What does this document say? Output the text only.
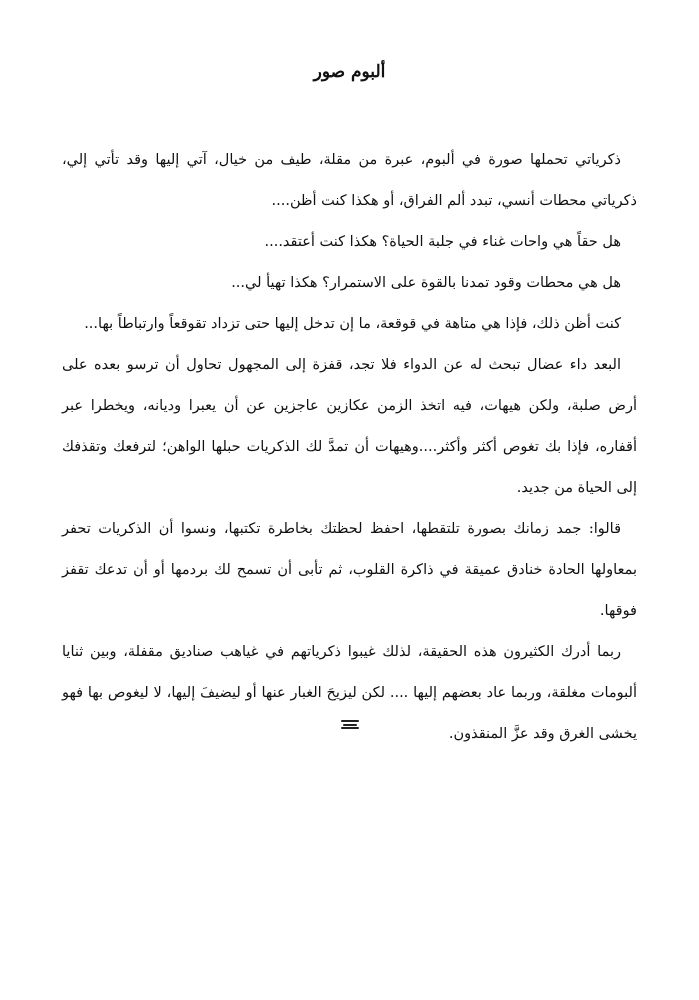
ألبوم صور

ذكرياتي تحملها صورة في ألبوم، عبرة من مقلة، طيف من خيال، آتي إليها وقد تأتي إلي، ذكرياتي محطات أنسي، تبدد ألم الفراق، أو هكذا كنت أظن....

هل حقاً هي واحات غناء في جلبة الحياة؟ هكذا كنت أعتقد....

هل هي محطات وقود تمدنا بالقوة على الاستمرار؟ هكذا تهيأ لي...

كنت أظن ذلك، فإذا هي متاهة في قوقعة، ما إن تدخل إليها حتى تزداد تقوقعاً وارتباطاً بها...

البعد داء عضال تبحث له عن الدواء فلا تجد، قفزة إلى المجهول تحاول أن ترسو بعده على أرض صلبة، ولكن هيهات، فيه اتخذ الزمن عكازين عاجزين عن أن يعبرا وديانه، ويخطرا عبر أقفاره، فإذا بك تغوص أكثر وأكثر....وهيهات أن تمدَّ لك الذكريات حبلها الواهن؛ لترفعك وتقذفك إلى الحياة من جديد.

قالوا: جمد زمانك بصورة تلتقطها، احفظ لحظتك بخاطرة تكتبها، ونسوا أن الذكريات تحفر بمعاولها الحادة خنادق عميقة في ذاكرة القلوب، ثم تأبى أن تسمح لك بردمها أو أن تدعك تقفز فوقها.

ربما أدرك الكثيرون هذه الحقيقة، لذلك غيبوا ذكرياتهم في غياهب صناديق مقفلة، وبين ثنايا ألبومات مغلقة، وربما عاد بعضهم إليها .... لكن ليزيحَ الغبار عنها أو ليضيفَ إليها، لا ليغوص بها فهو يخشى الغرق وقد عزَّ المنقذون.
